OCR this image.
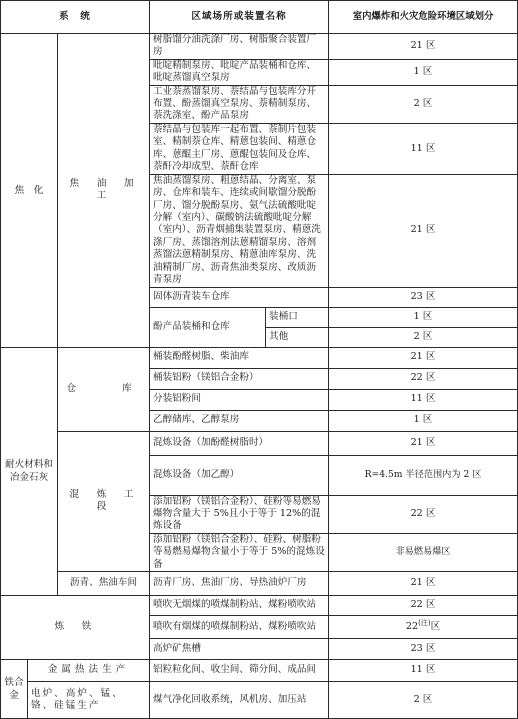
系　统			区域场所或装置名称		室内爆炸和火灾危险环境区域划分
焦　化		焦　油　加　工	树脂馏分油洗涤厂房、树脂聚合装置厂房		21 区
			吡啶精制泵房、吡啶产品装桶和仓库、吡啶蒸馏真空泵房		1 区
			工业萘蒸馏泵房、萘结晶与包装库分开布置、酚蒸馏真空泵房、萘精制泵房、萘洗涤室、酚产品泵房		2 区
			萘结晶与包装库一起布置、萘制片包装室、精制萘仓库、精蒽包装间、精蒽仓库、蒽醌主厂房、蒽醌包装间及仓库、萘酐冷却成型、萘酐仓库		11 区
			焦油蒸馏泵房、粗蒽结晶、分离室、泵房、仓库和装车、连续或间歇馏分脱酚厂房、馏分脱酚泵房、氨气法硫酸吡啶分解（室内）、碳酸钠法硫酸吡啶分解（室内）、沥青烟捕集装置泵房、精蒽洗涤厂房、蒸馏溶剂法蒽精馏泵房、溶剂蒸馏法蒽精制泵房、精蒽油库泵房、洗油精制厂房、沥青焦油类泵房、改质沥青泵房		21 区
			固体沥青装车仓库		23 区
			酚产品装桶和仓库	装桶口	1 区
				其他	2 区
耐火材料和冶金石灰		仓　　库	桶装酚醛树脂、柴油库		21 区
			桶装铝粉（镁铝合金粉）		22 区
			分装铝粉间		11 区
			乙醇储库、乙醇泵房		1 区
		混　炼　工　段	混炼设备（加酚醛树脂时）		21 区
			混炼设备（加乙醇）		R=4.5m 半径范围内为 2 区
			添加铝粉（镁铝合金粉）、硅粉等易燃易爆物含量大于 5%且小于等于 12%的混炼设备		22 区
			添加铝粉（镁铝合金粉）、硅粉、树脂粉等易燃易爆物含量小于等于 5%的混炼设备		非易燃易爆区
		沥青、焦油车间	沥青厂房、焦油厂房、导热油炉厂房		21 区
炼　铁			喷吹无烟煤的喷煤制粉站、煤粉喷吹站		22 区
			喷吹有烟煤的喷煤制粉站、煤粉喷吹站		$22^{(注)}$区
			高炉矿焦槽		23 区
铁合金	金属热法生产		铝粒粒化间、收尘间、筛分间、成品间		11 区
	电炉、高炉、锰、铬、硅锰生产		煤气净化回收系统，风机房、加压站		2 区
